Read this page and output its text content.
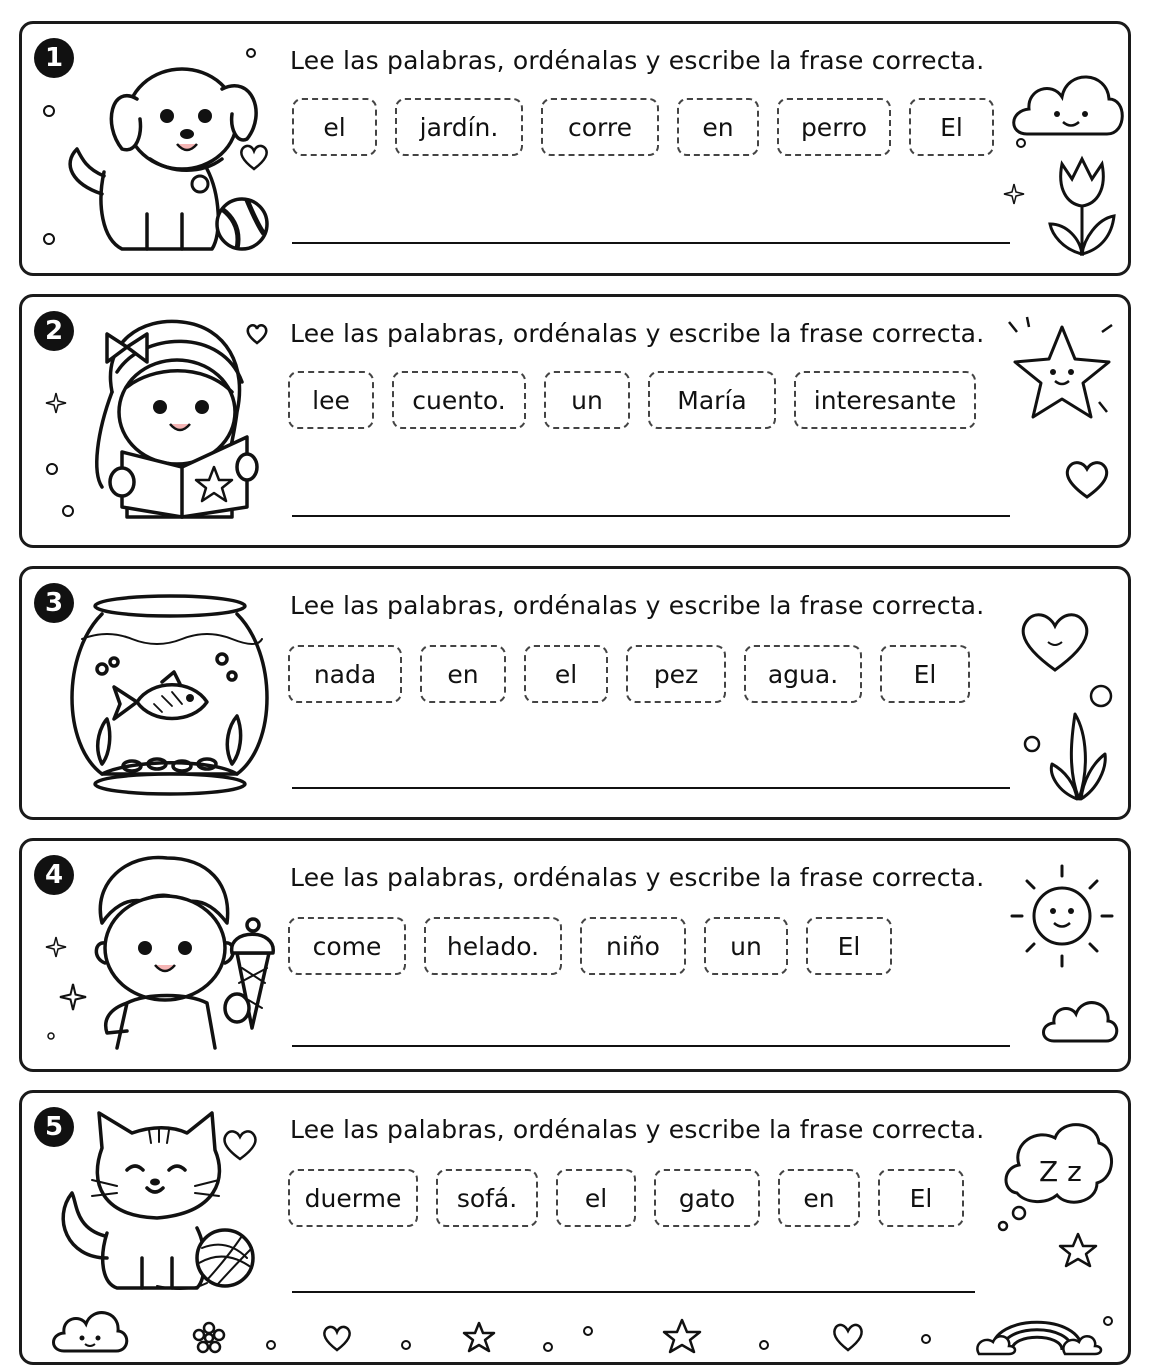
1	Lee las palabras, ordénalas y escribe la frase correcta.
el	jardín.	corre	en	perro	El
2	Lee las palabras, ordénalas y escribe la frase correcta.
lee	cuento.	un	María	interesante
3	Lee las palabras, ordénalas y escribe la frase correcta.
nada	en	el	pez	agua.	El
4	Lee las palabras, ordénalas y escribe la frase correcta.
come	helado.	niño	un	El
5	Lee las palabras, ordénalas y escribe la frase correcta.
duerme	sofá.	el	gato	en	El
Z z
